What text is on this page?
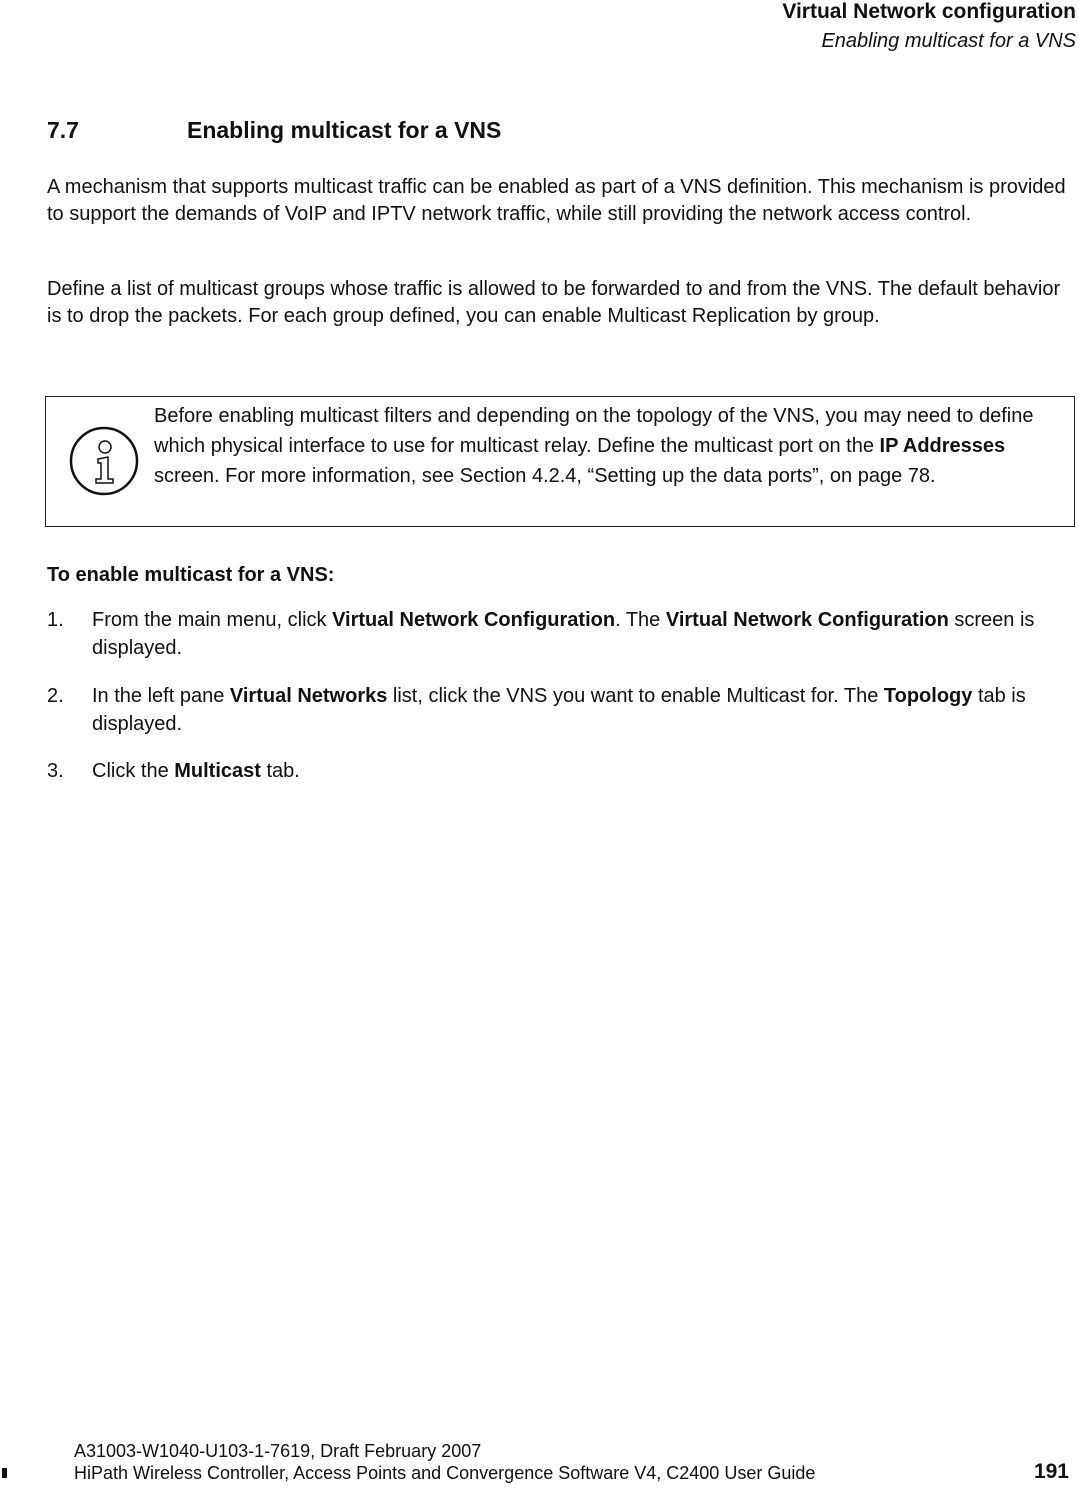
Virtual Network configuration
Enabling multicast for a VNS
7.7	Enabling multicast for a VNS
A mechanism that supports multicast traffic can be enabled as part of a VNS definition. This mechanism is provided to support the demands of VoIP and IPTV network traffic, while still providing the network access control.
Define a list of multicast groups whose traffic is allowed to be forwarded to and from the VNS. The default behavior is to drop the packets. For each group defined, you can enable Multicast Replication by group.
Before enabling multicast filters and depending on the topology of the VNS, you may need to define which physical interface to use for multicast relay. Define the multicast port on the IP Addresses screen. For more information, see Section 4.2.4, “Setting up the data ports”, on page 78.
To enable multicast for a VNS:
1. From the main menu, click Virtual Network Configuration. The Virtual Network Configuration screen is displayed.
2. In the left pane Virtual Networks list, click the VNS you want to enable Multicast for. The Topology tab is displayed.
3. Click the Multicast tab.
A31003-W1040-U103-1-7619, Draft February 2007
HiPath Wireless Controller, Access Points and Convergence Software V4, C2400 User Guide	191
